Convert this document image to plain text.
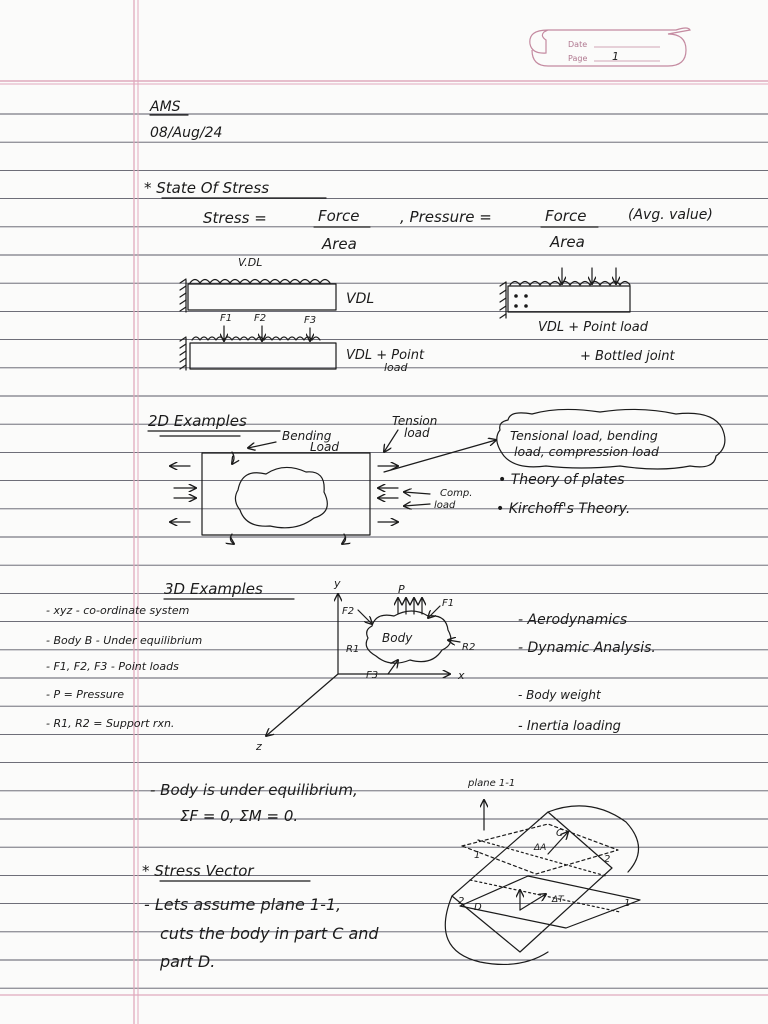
Date
Page 1
AMS
08/Aug/24
* State Of Stress
Stress =	Force
Area
, Pressure =	Force
Area
(Avg. value)
V.DL
VDL
VDL + Point load
F1 F2	F3
VDL + Point
load
+ Bottled joint
2D Examples
Bending
Load
Tension
load
Comp.
load
Tensional load, bending
load, compression load
• Theory of plates
• Kirchoff's Theory.
3D Examples	y
x
z
Body
P
F1
F2
F3
R1	R2
- xyz - co-ordinate system
- Body B - Under equilibrium
- F1, F2, F3 - Point loads
- P = Pressure
- R1, R2 = Support rxn.
- Aerodynamics
- Dynamic Analysis.
- Body weight
- Inertia loading
- Body is under equilibrium,
ΣF = 0, ΣM = 0.
plane 1-1
C
D
1
1
2
2
ΔA
ΔT
* Stress Vector
- Lets assume plane 1-1,
cuts the body in part C and
part D.
